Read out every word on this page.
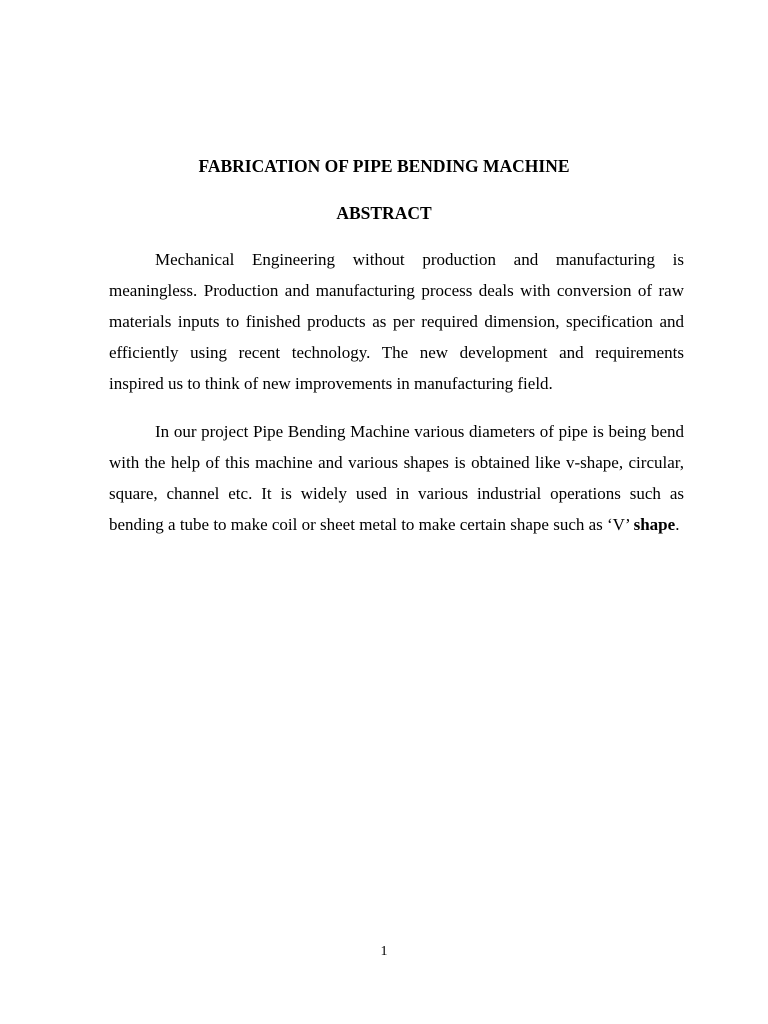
FABRICATION OF PIPE BENDING MACHINE
ABSTRACT

Mechanical Engineering without production and manufacturing is meaningless. Production and manufacturing process deals with conversion of raw materials inputs to finished products as per required dimension, specification and efficiently using recent technology. The new development and requirements inspired us to think of new improvements in manufacturing field.

In our project Pipe Bending Machine various diameters of pipe is being bend with the help of this machine and various shapes is obtained like v-shape, circular, square, channel etc. It is widely used in various industrial operations such as bending a tube to make coil or sheet metal to make certain shape such as ‘V’ shape.

1
